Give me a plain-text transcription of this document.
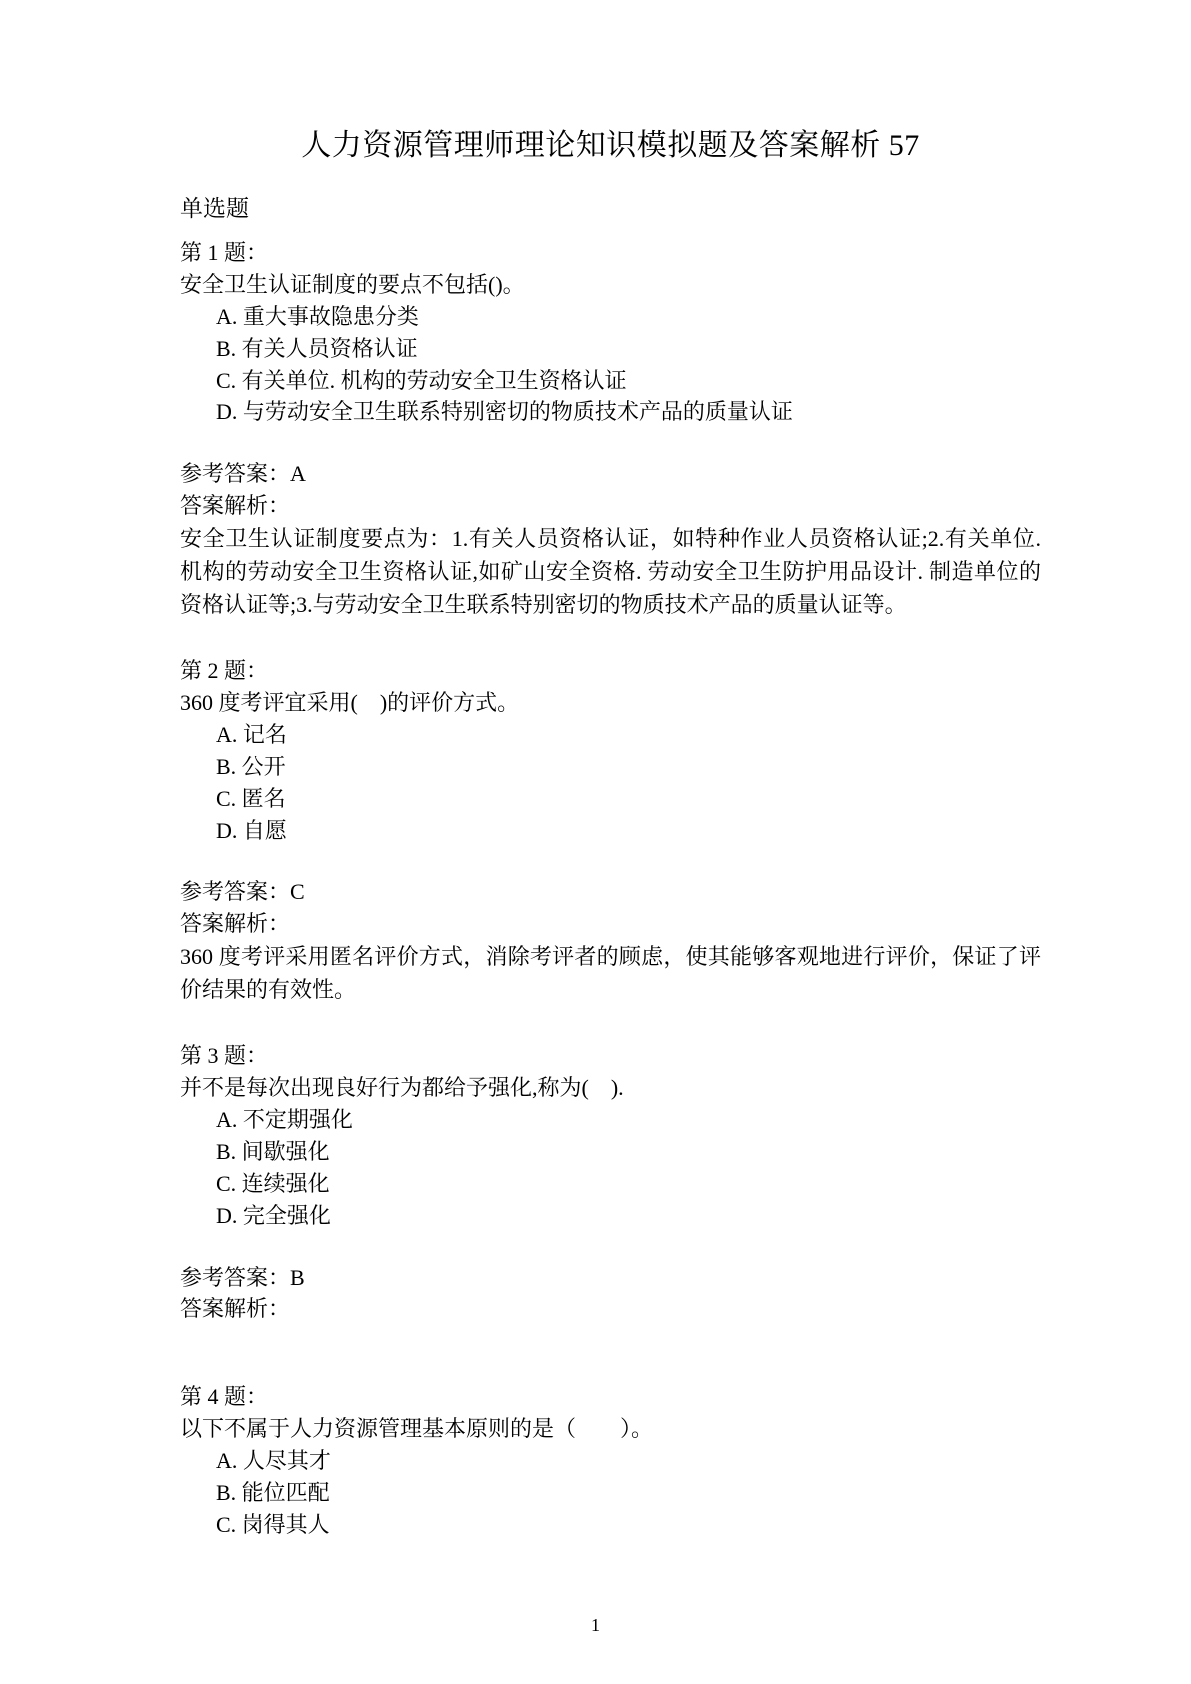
人力资源管理师理论知识模拟题及答案解析 57
单选题

第 1 题：

安全卫生认证制度的要点不包括()。

A. 重大事故隐患分类
B. 有关人员资格认证
C. 有关单位. 机构的劳动安全卫生资格认证
D. 与劳动安全卫生联系特别密切的物质技术产品的质量认证

参考答案：A

答案解析：

安全卫生认证制度要点为：1.有关人员资格认证，如特种作业人员资格认证;2.有关单位. 机构的劳动安全卫生资格认证,如矿山安全资格. 劳动安全卫生防护用品设计. 制造单位的资格认证等;3.与劳动安全卫生联系特别密切的物质技术产品的质量认证等。

第 2 题：

360 度考评宜采用(　)的评价方式。

A. 记名
B. 公开
C. 匿名
D. 自愿

参考答案：C

答案解析：

360 度考评采用匿名评价方式，消除考评者的顾虑，使其能够客观地进行评价，保证了评价结果的有效性。

第 3 题：

并不是每次出现良好行为都给予强化,称为(　).

A. 不定期强化
B. 间歇强化
C. 连续强化
D. 完全强化

参考答案：B

答案解析：

第 4 题：

以下不属于人力资源管理基本原则的是（　　）。

A. 人尽其才
B. 能位匹配
C. 岗得其人
1
